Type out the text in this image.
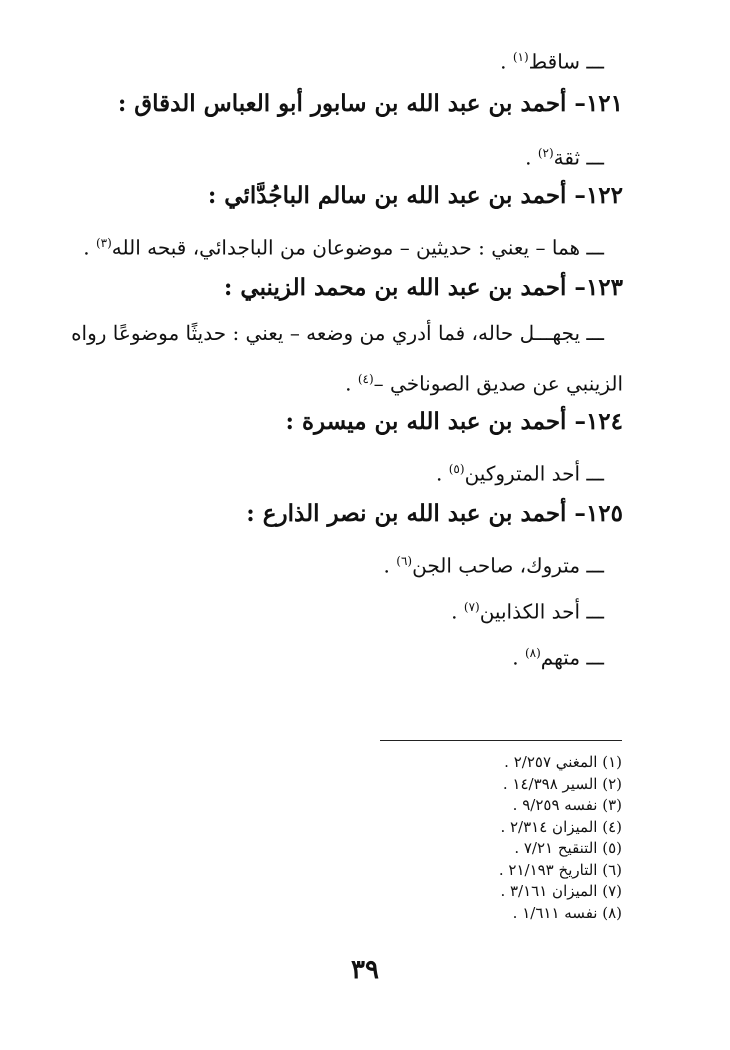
ـــ ساقط$^{(١)}$ .
١٢١– أحمد بن عبد الله بن سابور أبو العباس الدقاق :
ـــ ثقة$^{(٢)}$ .
١٢٢– أحمد بن عبد الله بن سالم الباجُدَّائي :
ـــ هما – يعني : حديثين – موضوعان من الباجدائي، قبحه الله$^{(٣)}$ .
١٢٣– أحمد بن عبد الله بن محمد الزينبي :
ـــ يجهـــل حاله، فما أدري من وضعه – يعني : حديثًا موضوعًا رواه
الزينبي عن صديق الصوناخي –$^{(٤)}$ .
١٢٤– أحمد بن عبد الله بن ميسرة :
ـــ أحد المتروكين$^{(٥)}$ .
١٢٥– أحمد بن عبد الله بن نصر الذارع :
ـــ متروك، صاحب الجن$^{(٦)}$ .
ـــ أحد الكذابين$^{(٧)}$ .
ـــ متهم$^{(٨)}$ .
(١) المغني ٢/٢٥٧ .
(٢) السير ١٤/٣٩٨ .
(٣) نفسه ٩/٢٥٩ .
(٤) الميزان ٢/٣١٤ .
(٥) التنقيح ٧/٢١ .
(٦) التاريخ ٢١/١٩٣ .
(٧) الميزان ٣/١٦١ .
(٨) نفسه ١/٦١١ .
٣٩
